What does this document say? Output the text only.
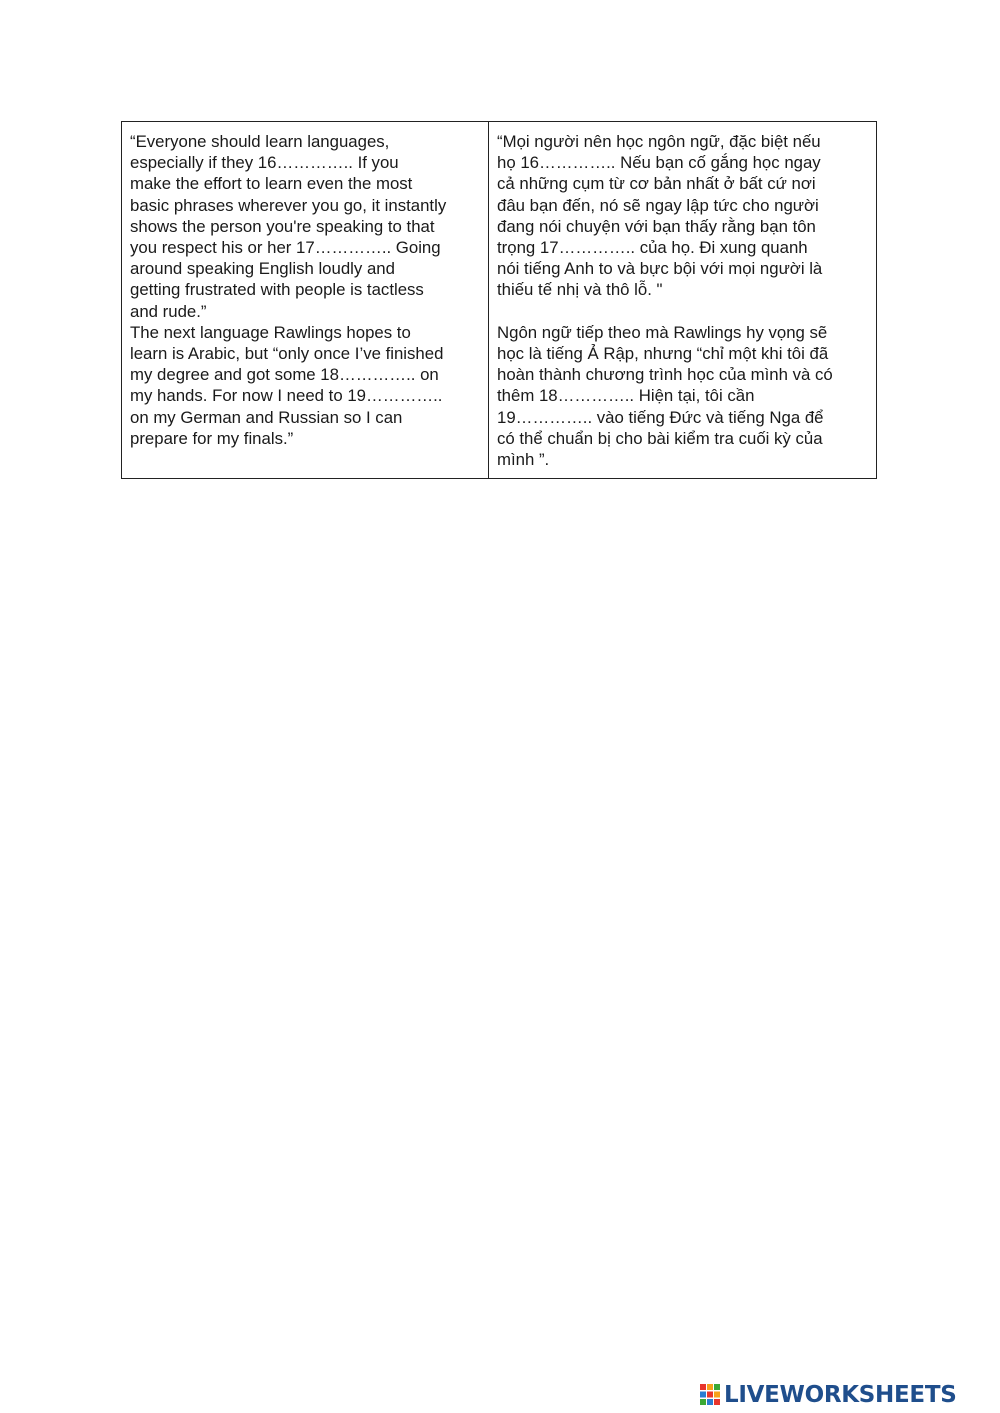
“Everyone should learn languages,
especially if they 16………….. If you
make the effort to learn even the most
basic phrases wherever you go, it instantly
shows the person you're speaking to that
you respect his or her 17………….. Going
around speaking English loudly and
getting frustrated with people is tactless
and rude.”

The next language Rawlings hopes to
learn is Arabic, but “only once I’ve finished
my degree and got some 18………….. on
my hands. For now I need to 19…………..
on my German and Russian so I can
prepare for my finals.”

“Mọi người nên học ngôn ngữ, đặc biệt nếu
họ 16………….. Nếu bạn cố gắng học ngay
cả những cụm từ cơ bản nhất ở bất cứ nơi
đâu bạn đến, nó sẽ ngay lập tức cho người
đang nói chuyện với bạn thấy rằng bạn tôn
trọng 17………….. của họ. Đi xung quanh
nói tiếng Anh to và bực bội với mọi người là
thiếu tế nhị và thô lỗ. "

Ngôn ngữ tiếp theo mà Rawlings hy vọng sẽ
học là tiếng Ả Rập, nhưng “chỉ một khi tôi đã
hoàn thành chương trình học của mình và có
thêm 18………….. Hiện tại, tôi cần
19………….. vào tiếng Đức và tiếng Nga để
có thể chuẩn bị cho bài kiểm tra cuối kỳ của
mình ”.

LIVEWORKSHEETS
